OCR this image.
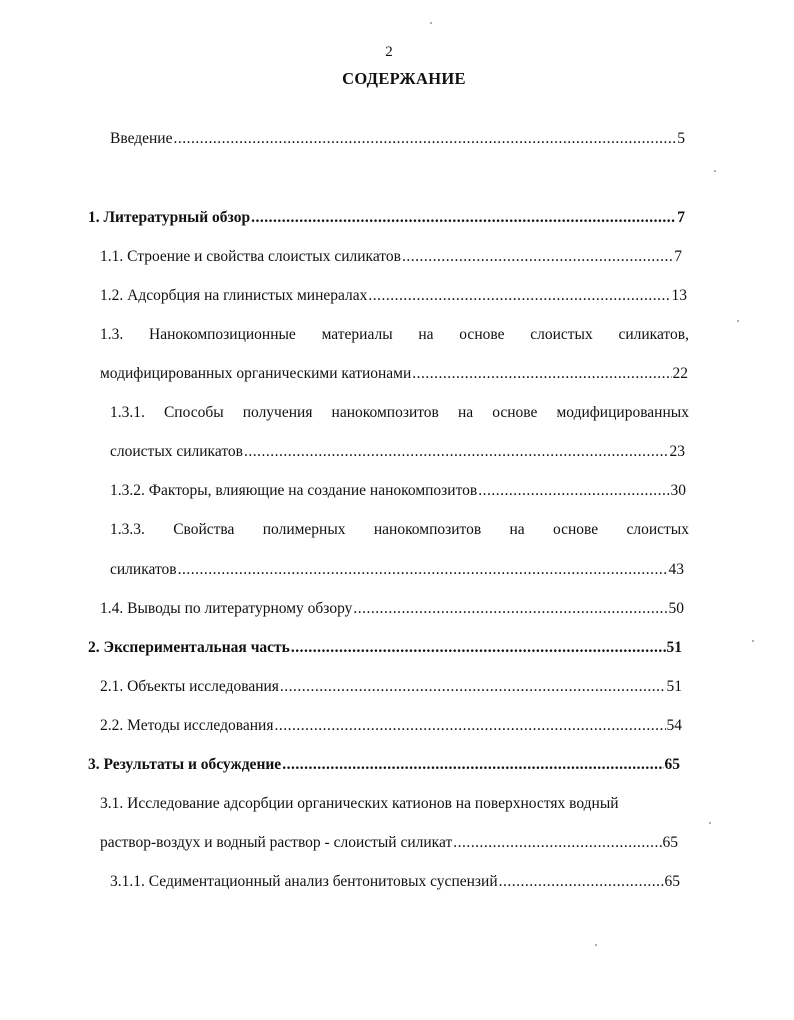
2
СОДЕРЖАНИЕ
Введение .....	5
1. Литературный обзор .....	7
1.1. Строение и свойства слоистых силикатов .....	7
1.2. Адсорбция на глинистых минералах .....	13
1.3. Нанокомпозиционные материалы на основе слоистых силикатов,
модифицированных органическими катионами .....	22
1.3.1. Способы получения нанокомпозитов на основе модифицированных
слоистых силикатов .....	23
1.3.2. Факторы, влияющие на создание нанокомпозитов .....	30
1.3.3. Свойства полимерных нанокомпозитов на основе слоистых
силикатов .....	43
1.4. Выводы по литературному обзору .....	50
2. Экспериментальная часть .....	51
2.1. Объекты исследования .....	51
2.2. Методы исследования .....	54
3. Результаты и обсуждение .....	65
3.1. Исследование адсорбции органических катионов на поверхностях водный
раствор-воздух и водный раствор - слоистый силикат .....	65
3.1.1. Седиментационный анализ бентонитовых суспензий .....	65
